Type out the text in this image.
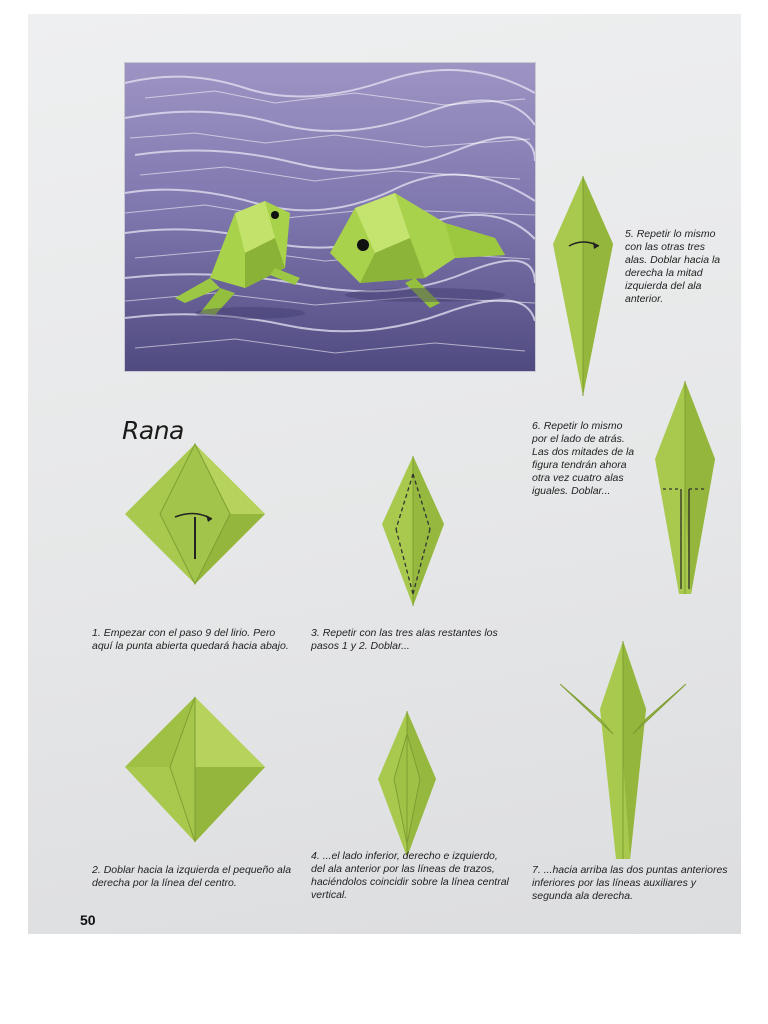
Rana

1. Empezar con el paso 9 del lirio. Pero aquí la punta abierta quedará hacia abajo.

2. Doblar hacia la izquierda el pequeño ala derecha por la línea del centro.

3. Repetir con las tres alas restantes los pasos 1 y 2. Doblar...

4. ...el lado inferior, derecho e izquierdo, del ala anterior por las líneas de trazos, haciéndolos coincidir sobre la línea central vertical.

5. Repetir lo mismo con las otras tres alas. Doblar hacia la derecha la mitad izquierda del ala anterior.

6. Repetir lo mismo por el lado de atrás. Las dos mitades de la figura tendrán ahora otra vez cuatro alas iguales. Doblar...

7. ...hacia arriba las dos puntas anteriores inferiores por las líneas auxiliares y segunda ala derecha.

50
